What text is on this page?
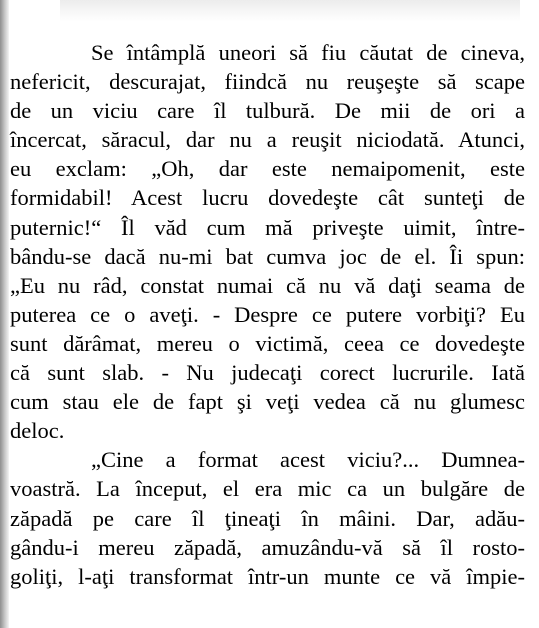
Se întâmplă uneori să fiu căutat de cineva,
nefericit, descurajat, fiindcă nu reuşeşte să scape
de un viciu care îl tulbură. De mii de ori a
încercat, săracul, dar nu a reuşit niciodată. Atunci,
eu exclam: „Oh, dar este nemaipomenit, este
formidabil! Acest lucru dovedeşte cât sunteţi de
puternic!“ Îl văd cum mă priveşte uimit, între-
bându-se dacă nu-mi bat cumva joc de el. Îi spun:
„Eu nu râd, constat numai că nu vă daţi seama de
puterea ce o aveţi. - Despre ce putere vorbiţi? Eu
sunt dărâmat, mereu o victimă, ceea ce dovedeşte
că sunt slab. - Nu judecaţi corect lucrurile. Iată
cum stau ele de fapt şi veţi vedea că nu glumesc
deloc.
„Cine a format acest viciu?... Dumnea-
voastră. La început, el era mic ca un bulgăre de
zăpadă pe care îl ţineaţi în mâini. Dar, adău-
gându-i mereu zăpadă, amuzându-vă să îl rosto-
goliţi, l-aţi transformat într-un munte ce vă împie-
